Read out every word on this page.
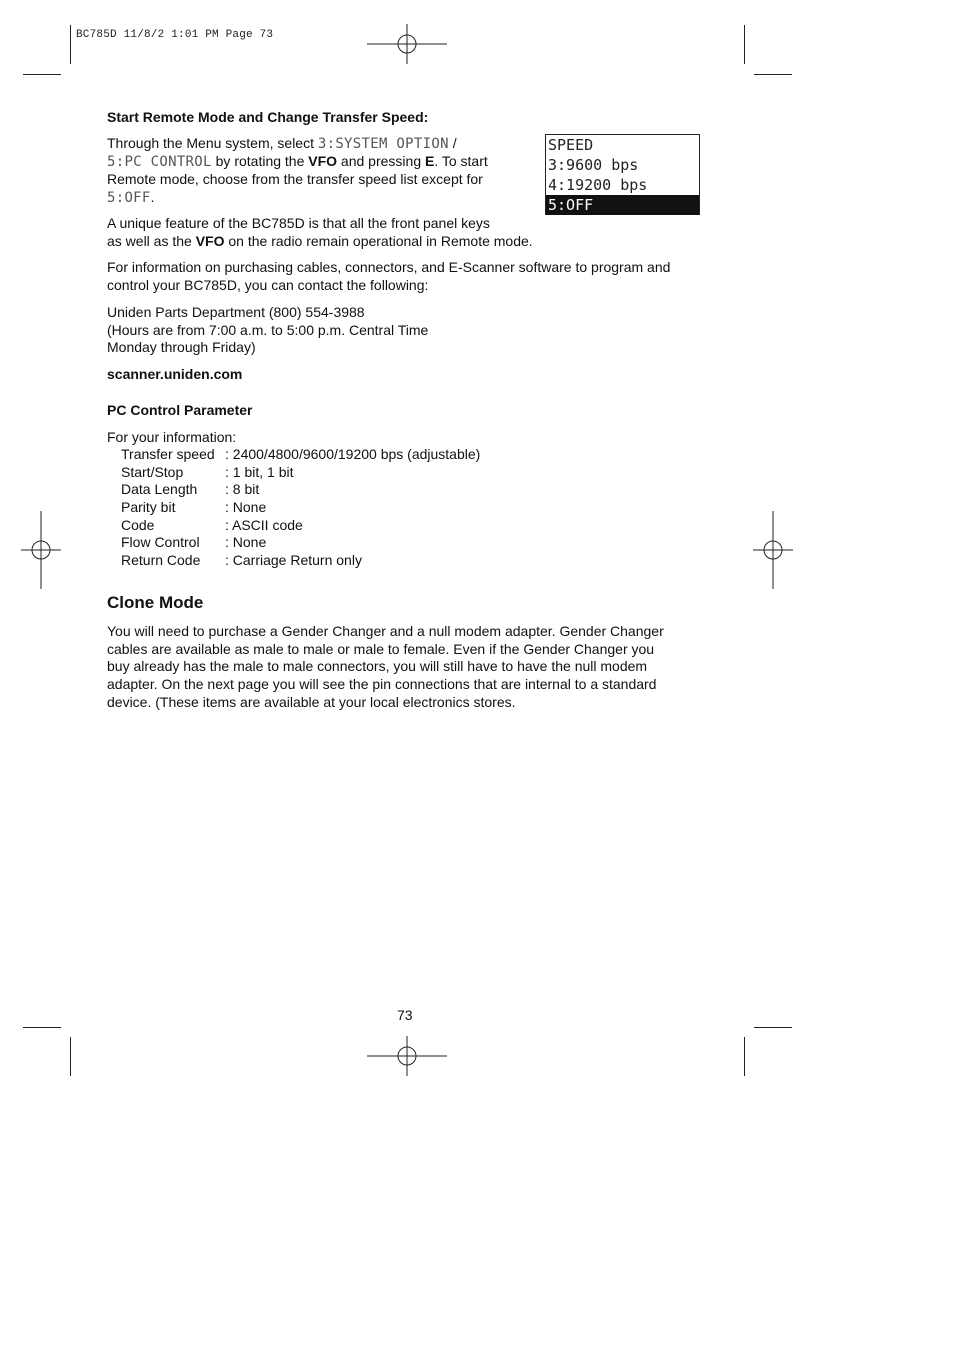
BC785D 11/8/2 1:01 PM Page 73
Start Remote Mode and Change Transfer Speed:
Through the Menu system, select 3:SYSTEM OPTION /
5:PC CONTROL by rotating the VFO and pressing E. To start
Remote mode, choose from the transfer speed list except for
5:OFF.
SPEED
3:9600 bps
4:19200 bps
5:OFF
A unique feature of the BC785D is that all the front panel keys
as well as the VFO on the radio remain operational in Remote mode.
For information on purchasing cables, connectors, and E-Scanner software to program and
control your BC785D, you can contact the following:
Uniden Parts Department (800) 554-3988
(Hours are from 7:00 a.m. to 5:00 p.m. Central Time
Monday through Friday)
scanner.uniden.com
PC Control Parameter
For your information:
Transfer speed : 2400/4800/9600/19200 bps (adjustable)
Start/Stop	: 1 bit, 1 bit
Data Length	: 8 bit
Parity bit	: None
Code	: ASCII code
Flow Control	: None
Return Code	: Carriage Return only
Clone Mode
You will need to purchase a Gender Changer and a null modem adapter. Gender Changer
cables are available as male to male or male to female. Even if the Gender Changer you
buy already has the male to male connectors, you will still have to have the null modem
adapter. On the next page you will see the pin connections that are internal to a standard
device. (These items are available at your local electronics stores.
73
